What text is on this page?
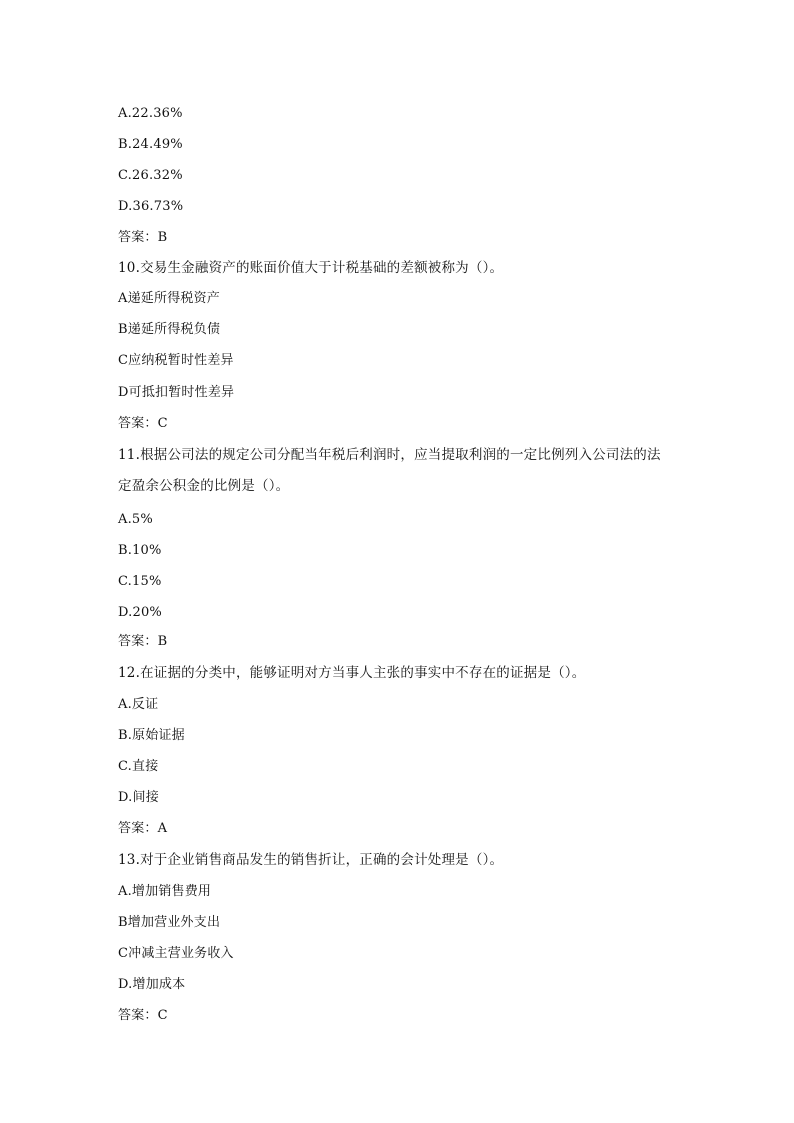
A.22.36%
B.24.49%
C.26.32%
D.36.73%
答案：B
10.交易生金融资产的账面价值大于计税基础的差额被称为（）。
A递延所得税资产
B递延所得税负债
C应纳税暂时性差异
D可抵扣暂时性差异
答案：C
11.根据公司法的规定公司分配当年税后利润时，应当提取利润的一定比例列入公司法的法
定盈余公积金的比例是（）。
A.5%
B.10%
C.15%
D.20%
答案：B
12.在证据的分类中，能够证明对方当事人主张的事实中不存在的证据是（）。
A.反证
B.原始证据
C.直接
D.间接
答案：A
13.对于企业销售商品发生的销售折让，正确的会计处理是（）。
A.增加销售费用
B增加营业外支出
C冲减主营业务收入
D.增加成本
答案：C
